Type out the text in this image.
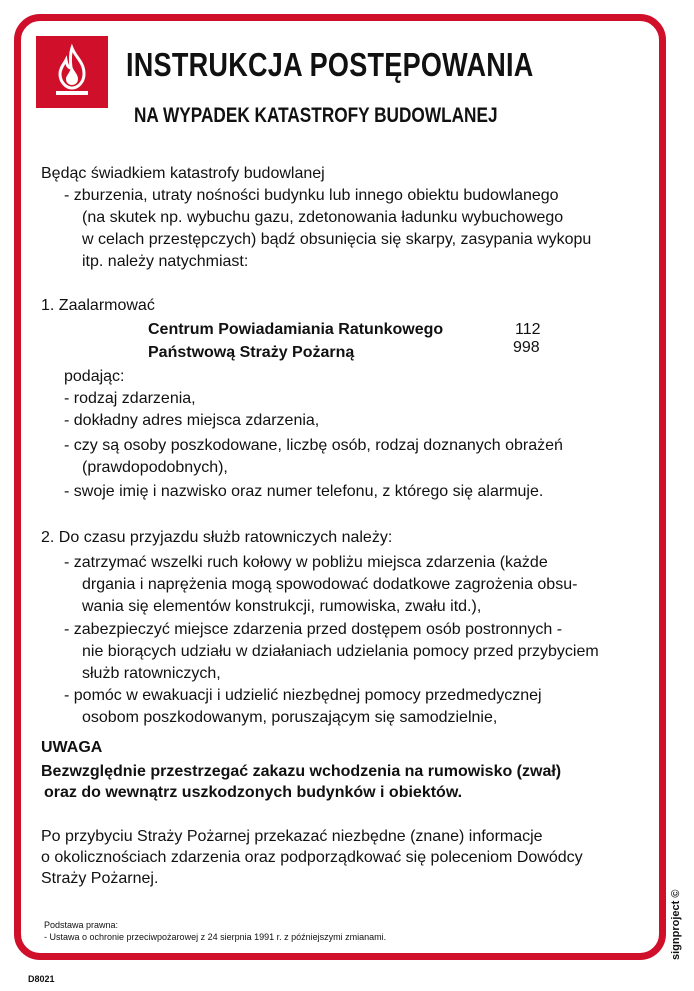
INSTRUKCJA POSTĘPOWANIA
NA WYPADEK KATASTROFY BUDOWLANEJ
Będąc świadkiem katastrofy budowlanej
- zburzenia, utraty nośności budynku lub innego obiektu budowlanego
(na skutek np. wybuchu gazu, zdetonowania ładunku wybuchowego
w celach przestępczych) bądź obsunięcia się skarpy, zasypania wykopu
itp. należy natychmiast:
1. Zaalarmować
Centrum Powiadamiania Ratunkowego	112
Państwową Straży Pożarną	998
podając:
- rodzaj zdarzenia,
- dokładny adres miejsca zdarzenia,
- czy są osoby poszkodowane, liczbę osób, rodzaj doznanych obrażeń
(prawdopodobnych),
- swoje imię i nazwisko oraz numer telefonu, z którego się alarmuje.
2. Do czasu przyjazdu służb ratowniczych należy:
- zatrzymać wszelki ruch kołowy w pobliżu miejsca zdarzenia (każde
drgania i naprężenia mogą spowodować dodatkowe zagrożenia obsu-
wania się elementów konstrukcji, rumowiska, zwału itd.),
- zabezpieczyć miejsce zdarzenia przed dostępem osób postronnych -
nie biorących udziału w działaniach udzielania pomocy przed przybyciem
służb ratowniczych,
- pomóc w ewakuacji i udzielić niezbędnej pomocy przedmedycznej
osobom poszkodowanym, poruszającym się samodzielnie,
UWAGA
Bezwzględnie przestrzegać zakazu wchodzenia na rumowisko (zwał)
oraz do wewnątrz uszkodzonych budynków i obiektów.
Po przybyciu Straży Pożarnej przekazać niezbędne (znane) informacje
o okolicznościach zdarzenia oraz podporządkować się poleceniom Dowódcy
Straży Pożarnej.
Podstawa prawna:
- Ustawa o ochronie przeciwpożarowej z 24 sierpnia 1991 r. z późniejszymi zmianami.	signproject ©
D8021
